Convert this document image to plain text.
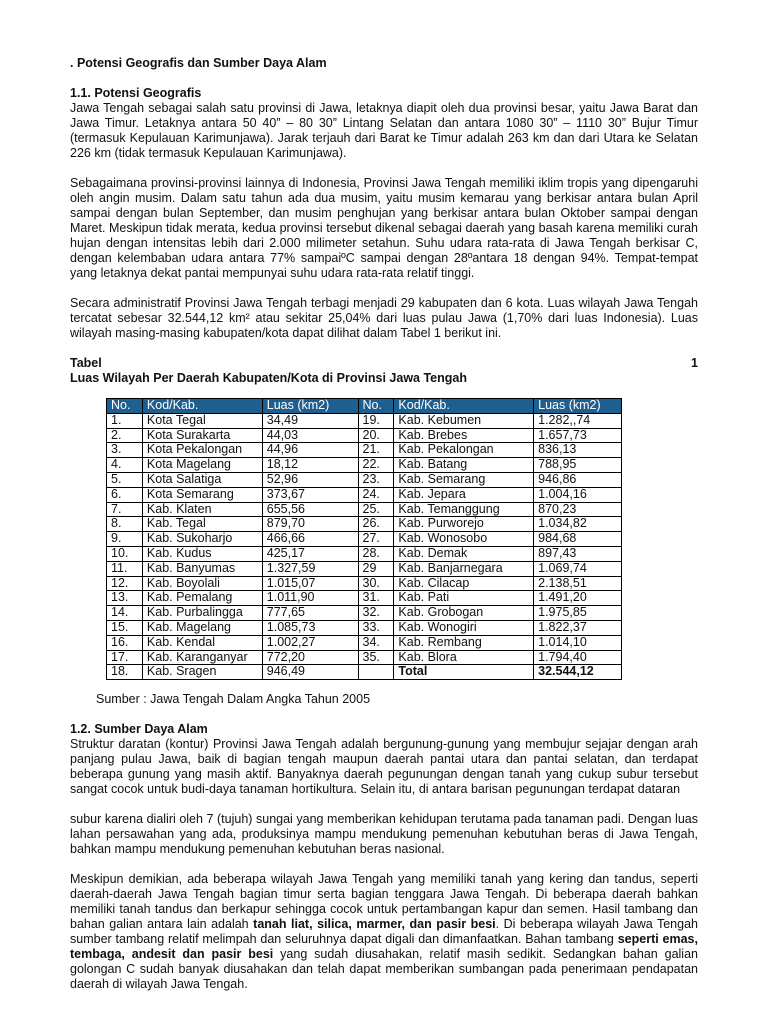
. Potensi Geografis dan Sumber Daya Alam
1.1. Potensi Geografis

Jawa Tengah sebagai salah satu provinsi di Jawa, letaknya diapit oleh dua provinsi besar, yaitu Jawa Barat dan Jawa Timur. Letaknya antara 50 40” – 80 30” Lintang Selatan dan antara 1080 30” – 1110 30” Bujur Timur (termasuk Kepulauan Karimunjawa). Jarak terjauh dari Barat ke Timur adalah 263 km dan dari Utara ke Selatan 226 km (tidak termasuk Kepulauan Karimunjawa).

Sebagaimana provinsi-provinsi lainnya di Indonesia, Provinsi Jawa Tengah memiliki iklim tropis yang dipengaruhi oleh angin musim. Dalam satu tahun ada dua musim, yaitu musim kemarau yang berkisar antara bulan April sampai dengan bulan September, dan musim penghujan yang berkisar antara bulan Oktober sampai dengan Maret. Meskipun tidak merata, kedua provinsi tersebut dikenal sebagai daerah yang basah karena memiliki curah hujan dengan intensitas lebih dari 2.000 milimeter setahun. Suhu udara rata-rata di Jawa Tengah berkisar C, dengan kelembaban udara antara 77% sampaiºC sampai dengan 28ºantara 18 dengan 94%. Tempat-tempat yang letaknya dekat pantai mempunyai suhu udara rata-rata relatif tinggi.

Secara administratif Provinsi Jawa Tengah terbagi menjadi 29 kabupaten dan 6 kota. Luas wilayah Jawa Tengah tercatat sebesar 32.544,12 km² atau sekitar 25,04% dari luas pulau Jawa (1,70% dari luas Indonesia). Luas wilayah masing-masing kabupaten/kota dapat dilihat dalam Tabel 1 berikut ini.

Tabel	1
Luas Wilayah Per Daerah Kabupaten/Kota di Provinsi Jawa Tengah
No.	Kod/Kab.	Luas (km2)	No.	Kod/Kab.	Luas (km2)
1.	Kota Tegal	34,49	19.	Kab. Kebumen	1.282,,74
2.	Kota Surakarta	44,03	20.	Kab. Brebes	1.657,73
3.	Kota Pekalongan	44,96	21.	Kab. Pekalongan	836,13
4.	Kota Magelang	18,12	22.	Kab. Batang	788,95
5.	Kota Salatiga	52,96	23.	Kab. Semarang	946,86
6.	Kota Semarang	373,67	24.	Kab. Jepara	1.004,16
7.	Kab. Klaten	655,56	25.	Kab. Temanggung	870,23
8.	Kab. Tegal	879,70	26.	Kab. Purworejo	1.034,82
9.	Kab. Sukoharjo	466,66	27.	Kab. Wonosobo	984,68
10.	Kab. Kudus	425,17	28.	Kab. Demak	897,43
11.	Kab. Banyumas	1.327,59	29	Kab. Banjarnegara	1.069,74
12.	Kab. Boyolali	1.015,07	30.	Kab. Cilacap	2.138,51
13.	Kab. Pemalang	1.011,90	31.	Kab. Pati	1.491,20
14.	Kab. Purbalingga	777,65	32.	Kab. Grobogan	1.975,85
15.	Kab. Magelang	1.085,73	33.	Kab. Wonogiri	1.822,37
16.	Kab. Kendal	1.002,27	34.	Kab. Rembang	1.014,10
17.	Kab. Karanganyar	772,20	35.	Kab. Blora	1.794,40
18.	Kab. Sragen	946,49		Total	32.544,12
Sumber : Jawa Tengah Dalam Angka Tahun 2005
1.2. Sumber Daya Alam

Struktur daratan (kontur) Provinsi Jawa Tengah adalah bergunung-gunung yang membujur sejajar dengan arah panjang pulau Jawa, baik di bagian tengah maupun daerah pantai utara dan pantai selatan, dan terdapat beberapa gunung yang masih aktif. Banyaknya daerah pegunungan dengan tanah yang cukup subur tersebut sangat cocok untuk budi-daya tanaman hortikultura. Selain itu, di antara barisan pegunungan terdapat dataran

subur karena dialiri oleh 7 (tujuh) sungai yang memberikan kehidupan terutama pada tanaman padi. Dengan luas lahan persawahan yang ada, produksinya mampu mendukung pemenuhan kebutuhan beras di Jawa Tengah, bahkan mampu mendukung pemenuhan kebutuhan beras nasional.

Meskipun demikian, ada beberapa wilayah Jawa Tengah yang memiliki tanah yang kering dan tandus, seperti daerah-daerah Jawa Tengah bagian timur serta bagian tenggara Jawa Tengah. Di beberapa daerah bahkan memiliki tanah tandus dan berkapur sehingga cocok untuk pertambangan kapur dan semen. Hasil tambang dan bahan galian antara lain adalah tanah liat, silica, marmer, dan pasir besi. Di beberapa wilayah Jawa Tengah sumber tambang relatif melimpah dan seluruhnya dapat digali dan dimanfaatkan. Bahan tambang seperti emas, tembaga, andesit dan pasir besi yang sudah diusahakan, relatif masih sedikit. Sedangkan bahan galian golongan C sudah banyak diusahakan dan telah dapat memberikan sumbangan pada penerimaan pendapatan daerah di wilayah Jawa Tengah.
